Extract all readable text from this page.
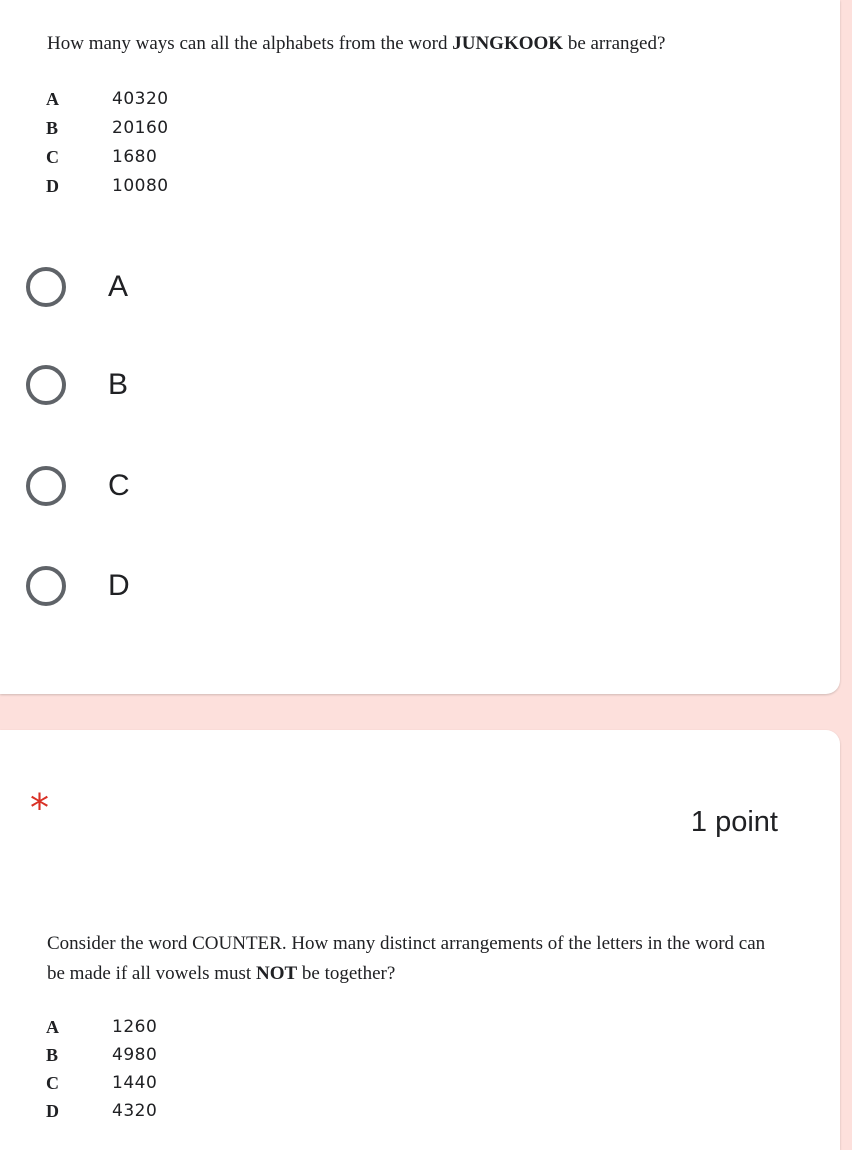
How many ways can all the alphabets from the word JUNGKOOK be arranged?
A	40320
B	20160
C	1680
D	10080
A
B
C
D
*	1 point
Consider the word COUNTER. How many distinct arrangements of the letters in the word can be made if all vowels must NOT be together?
A	1260
B	4980
C	1440
D	4320
